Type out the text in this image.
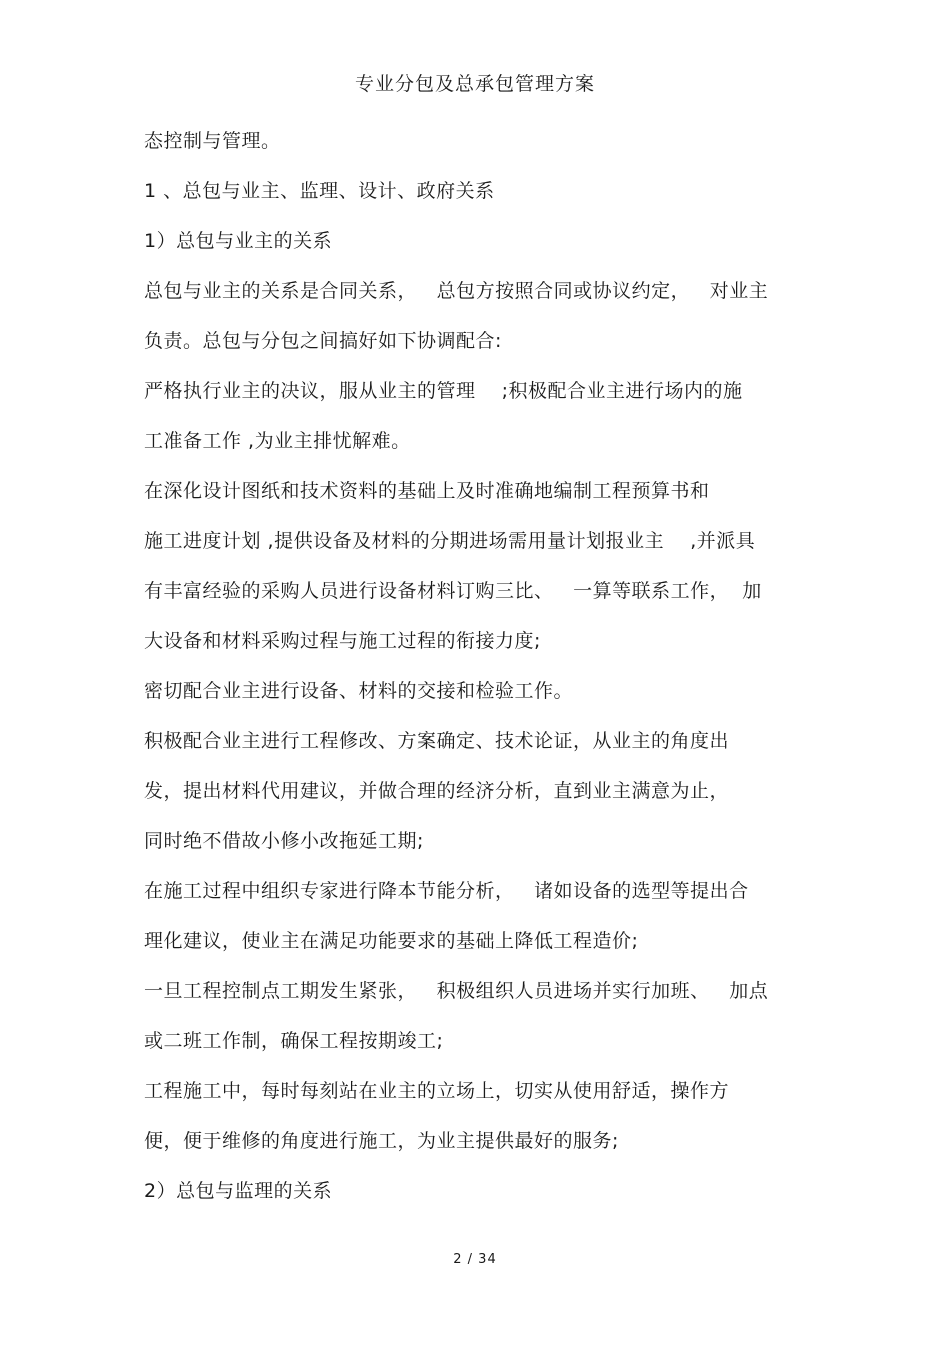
专业分包及总承包管理方案
态控制与管理。
1 、总包与业主、监理、设计、政府关系
1）总包与业主的关系
总包与业主的关系是合同关系，   总包方按照合同或协议约定，   对业主
负责。总包与分包之间搞好如下协调配合:
严格执行业主的决议，服从业主的管理    ;积极配合业主进行场内的施
工准备工作 ,为业主排忧解难。
在深化设计图纸和技术资料的基础上及时准确地编制工程预算书和
施工进度计划 ,提供设备及材料的分期进场需用量计划报业主    ,并派具
有丰富经验的采购人员进行设备材料订购三比、   一算等联系工作，  加
大设备和材料采购过程与施工过程的衔接力度;
密切配合业主进行设备、材料的交接和检验工作。
积极配合业主进行工程修改、方案确定、技术论证，从业主的角度出
发，提出材料代用建议，并做合理的经济分析，直到业主满意为止，
同时绝不借故小修小改拖延工期;
在施工过程中组织专家进行降本节能分析，   诸如设备的选型等提出合
理化建议，使业主在满足功能要求的基础上降低工程造价;
一旦工程控制点工期发生紧张，   积极组织人员进场并实行加班、   加点
或二班工作制，确保工程按期竣工;
工程施工中，每时每刻站在业主的立场上，切实从使用舒适，操作方
便，便于维修的角度进行施工，为业主提供最好的服务;
2）总包与监理的关系
2 / 34
